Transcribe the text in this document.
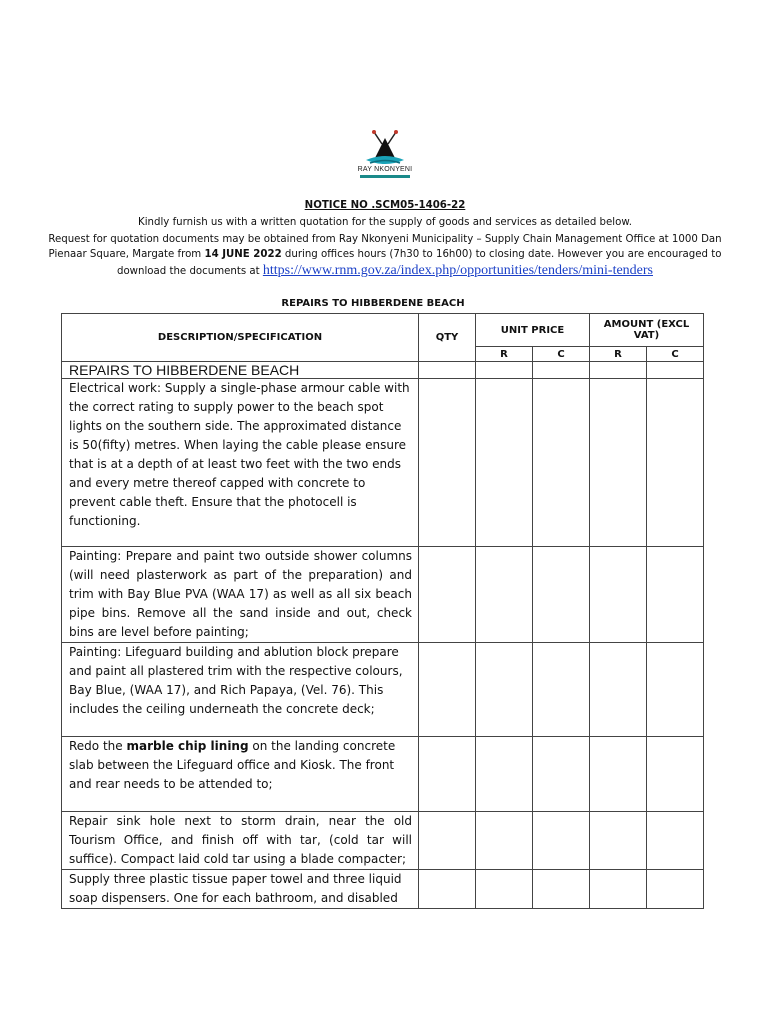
RAY NKONYENI
NOTICE NO .SCM05-1406-22
Kindly furnish us with a written quotation for the supply of goods and services as detailed below.
Request for quotation documents may be obtained from Ray Nkonyeni Municipality – Supply Chain Management Office at 1000 Dan
Pienaar Square, Margate from 14 JUNE 2022 during offices hours (7h30 to 16h00) to closing date. However you are encouraged to
download the documents at https://www.rnm.gov.za/index.php/opportunities/tenders/mini-tenders
REPAIRS TO HIBBERDENE BEACH
DESCRIPTION/SPECIFICATION	QTY	UNIT PRICE		AMOUNT (EXCL VAT)	
		R	C	R	C
REPAIRS TO HIBBERDENE BEACH					

Electrical work: Supply a single-phase armour cable with the correct rating to supply power to the beach spot lights on the southern side. The approximated distance is 50(fifty) metres. When laying the cable please ensure that is at a depth of at least two feet with the two ends and every metre thereof capped with concrete to prevent cable theft. Ensure that the photocell is functioning.					

Painting: Prepare and paint two outside shower columns (will need plasterwork as part of the preparation) and trim with Bay Blue PVA (WAA 17) as well as all six beach pipe bins. Remove all the sand inside and out, check bins are level before painting;					

Painting: Lifeguard building and ablution block prepare and paint all plastered trim with the respective colours, Bay Blue, (WAA 17), and Rich Papaya, (Vel. 76). This includes the ceiling underneath the concrete deck;					

Redo the marble chip lining on the landing concrete slab between the Lifeguard office and Kiosk. The front and rear needs to be attended to;					

Repair sink hole next to storm drain, near the old Tourism Office, and finish off with tar, (cold tar will suffice). Compact laid cold tar using a blade compacter;					

Supply three plastic tissue paper towel and three liquid soap dispensers. One for each bathroom, and disabled					
